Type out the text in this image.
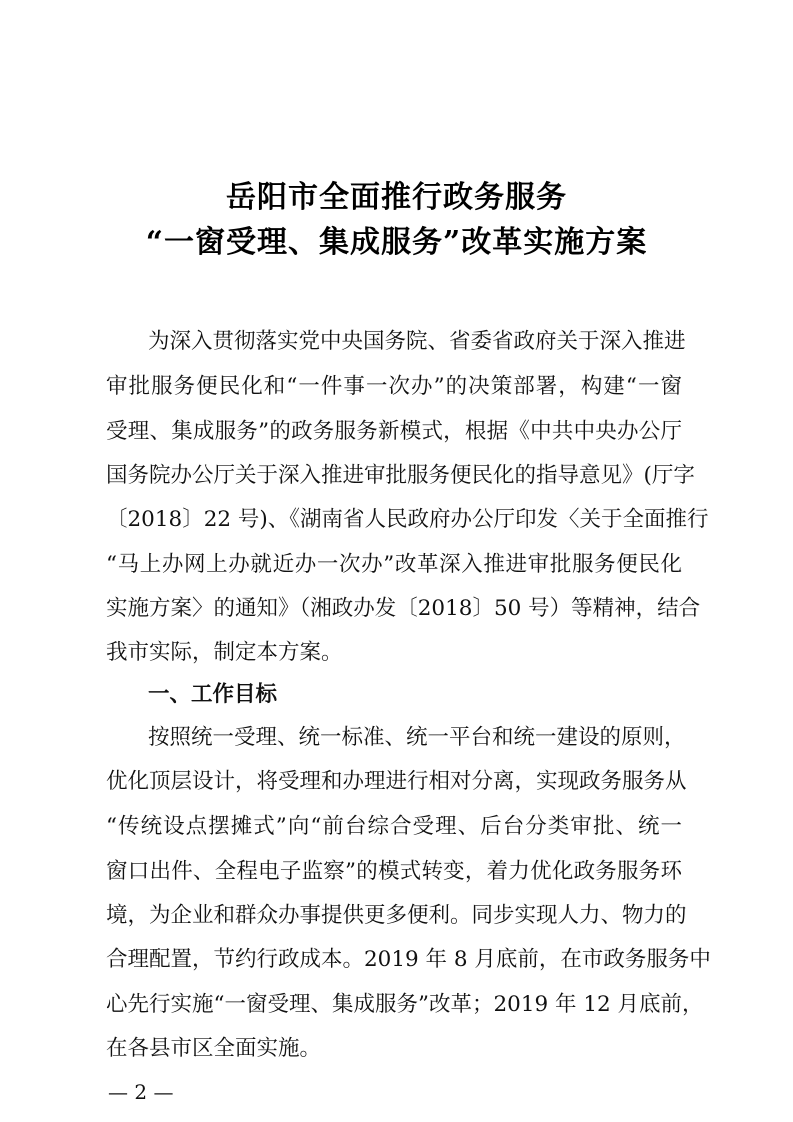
岳阳市全面推行政务服务
“一窗受理、集成服务”改革实施方案
为深入贯彻落实党中央国务院、省委省政府关于深入推进
审批服务便民化和“一件事一次办”的决策部署，构建“一窗
受理、集成服务”的政务服务新模式，根据《中共中央办公厅
国务院办公厅关于深入推进审批服务便民化的指导意见》(厅字
〔2018〕22 号)、《湖南省人民政府办公厅印发〈关于全面推行
“马上办网上办就近办一次办”改革深入推进审批服务便民化
实施方案〉的通知》（湘政办发〔2018〕50 号）等精神，结合
我市实际，制定本方案。
一、工作目标
按照统一受理、统一标准、统一平台和统一建设的原则，
优化顶层设计，将受理和办理进行相对分离，实现政务服务从
“传统设点摆摊式”向“前台综合受理、后台分类审批、统一
窗口出件、全程电子监察”的模式转变，着力优化政务服务环
境，为企业和群众办事提供更多便利。同步实现人力、物力的
合理配置，节约行政成本。2019 年 8 月底前，在市政务服务中
心先行实施“一窗受理、集成服务”改革；2019 年 12 月底前，
在各县市区全面实施。
— 2 —
